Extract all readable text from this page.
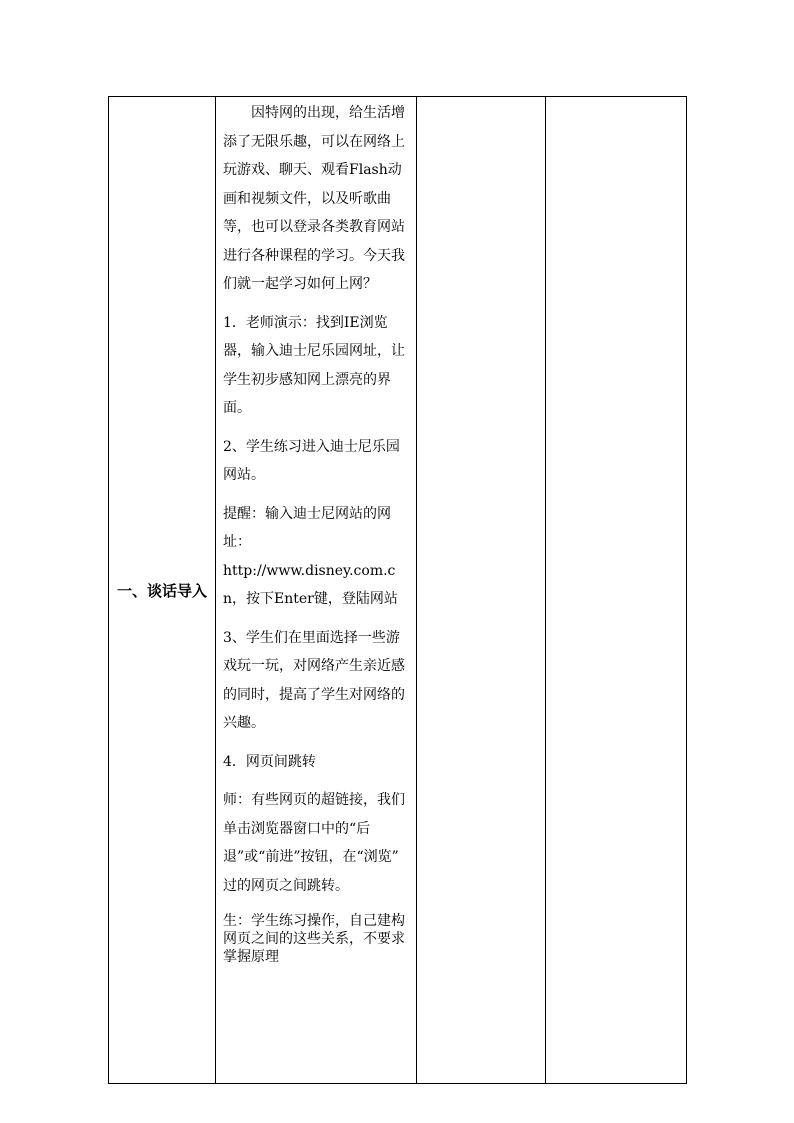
一、谈话导入

因特网的出现，给生活增添了无限乐趣，可以在网络上玩游戏、聊天、观看Flash动画和视频文件，以及听歌曲等，也可以登录各类教育网站进行各种课程的学习。今天我们就一起学习如何上网？

1．老师演示：找到IE浏览器，输入迪士尼乐园网址，让学生初步感知网上漂亮的界面。

2、学生练习进入迪士尼乐园网站。

提醒：输入迪士尼网站的网址：

http://www.disney.com.cn，按下Enter键，登陆网站

3、学生们在里面选择一些游戏玩一玩，对网络产生亲近感的同时，提高了学生对网络的兴趣。

4．网页间跳转

师：有些网页的超链接，我们单击浏览器窗口中的“后退”或“前进”按钮，在“浏览” 过的网页之间跳转。

生：学生练习操作，自己建构网页之间的这些关系，不要求掌握原理
